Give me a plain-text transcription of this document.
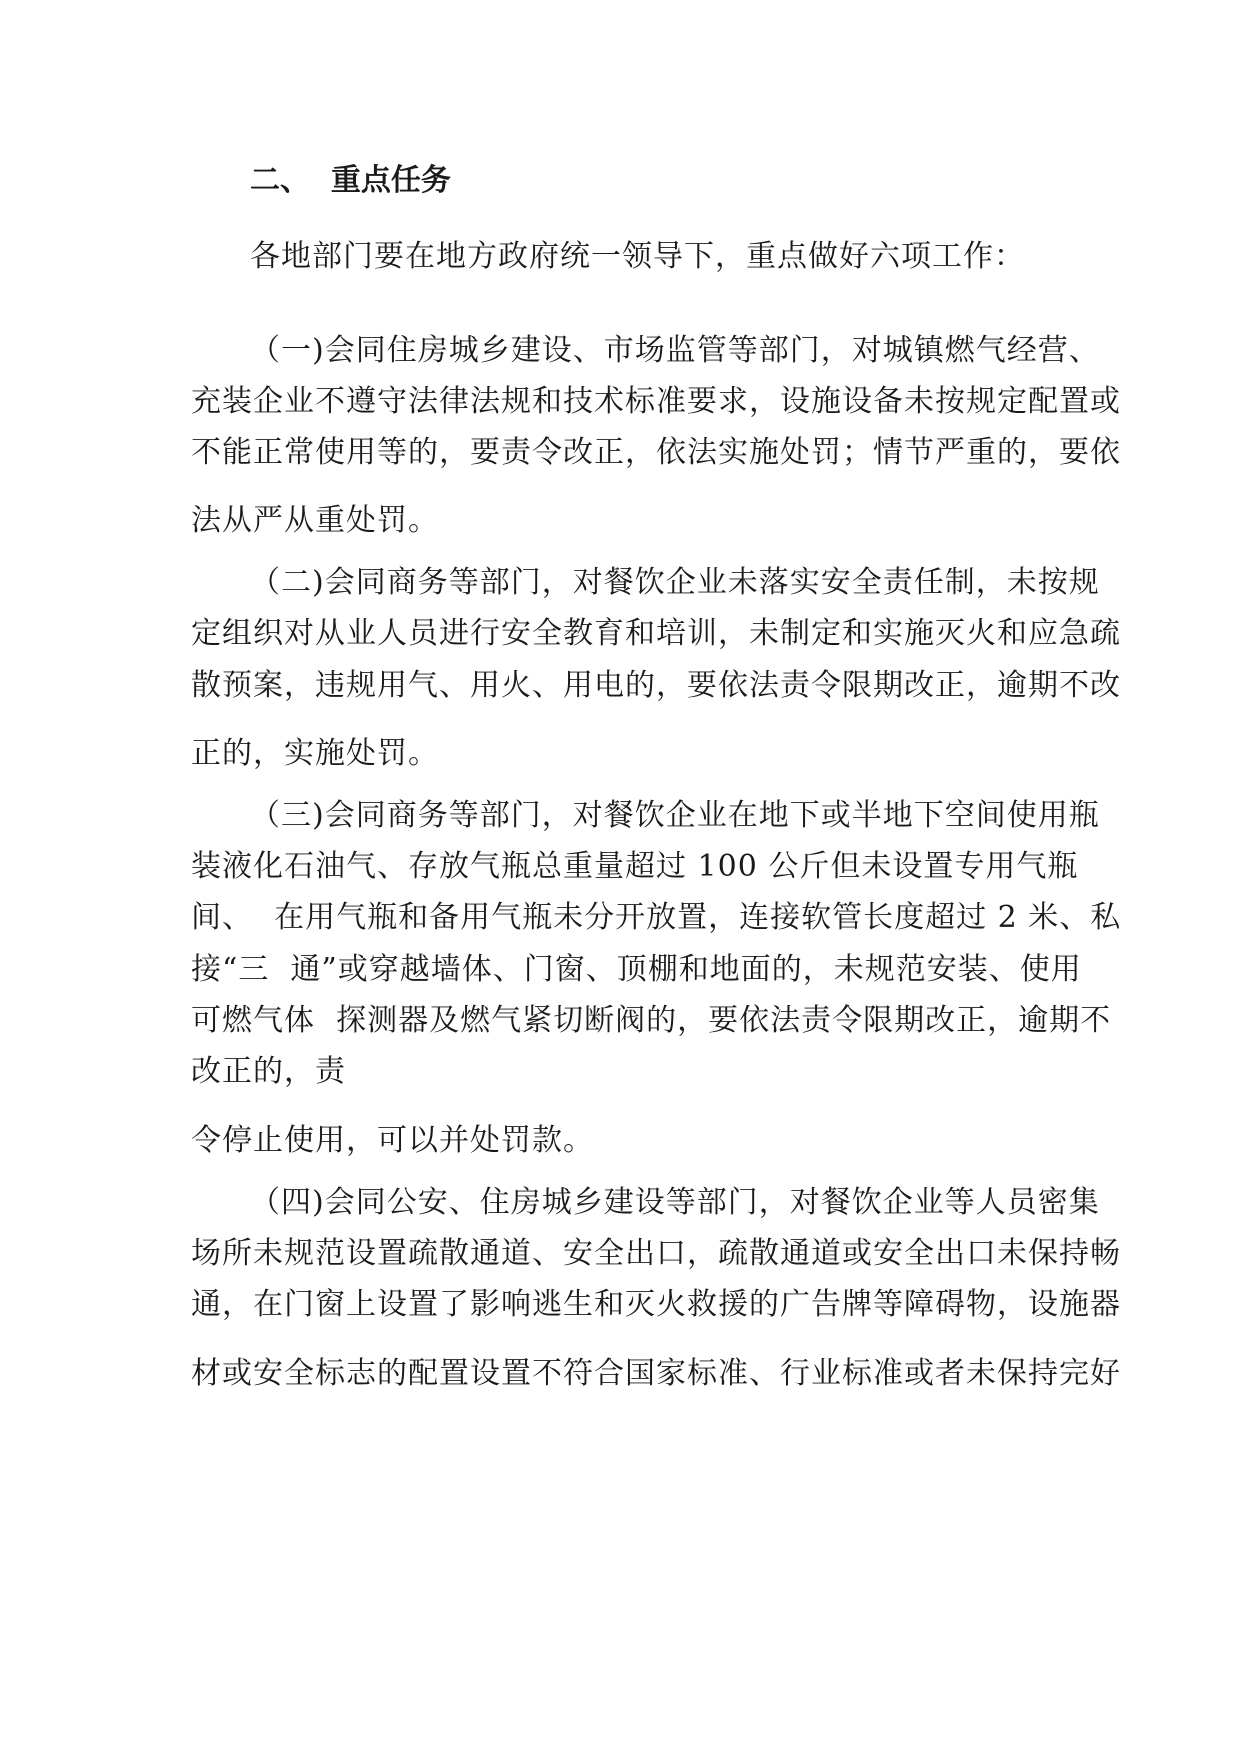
二、  重点任务
各地部门要在地方政府统一领导下，重点做好六项工作：
（一)会同住房城乡建设、市场监管等部门，对城镇燃气经营、
充装企业不遵守法律法规和技术标准要求，设施设备未按规定配置或
不能正常使用等的，要责令改正，依法实施处罚；情节严重的，要依
法从严从重处罚。
（二)会同商务等部门，对餐饮企业未落实安全责任制，未按规
定组织对从业人员进行安全教育和培训，未制定和实施灭火和应急疏
散预案，违规用气、用火、用电的，要依法责令限期改正，逾期不改
正的，实施处罚。
（三)会同商务等部门，对餐饮企业在地下或半地下空间使用瓶
装液化石油气、存放气瓶总重量超过 100 公斤但未设置专用气瓶
间、  在用气瓶和备用气瓶未分开放置，连接软管长度超过 2 米、私
接“三  通”或穿越墙体、门窗、顶棚和地面的，未规范安装、使用
可燃气体  探测器及燃气紧切断阀的，要依法责令限期改正，逾期不
改正的，责
令停止使用，可以并处罚款。
（四)会同公安、住房城乡建设等部门，对餐饮企业等人员密集
场所未规范设置疏散通道、安全出口，疏散通道或安全出口未保持畅
通，在门窗上设置了影响逃生和灭火救援的广告牌等障碍物，设施器
材或安全标志的配置设置不符合国家标准、行业标准或者未保持完好
